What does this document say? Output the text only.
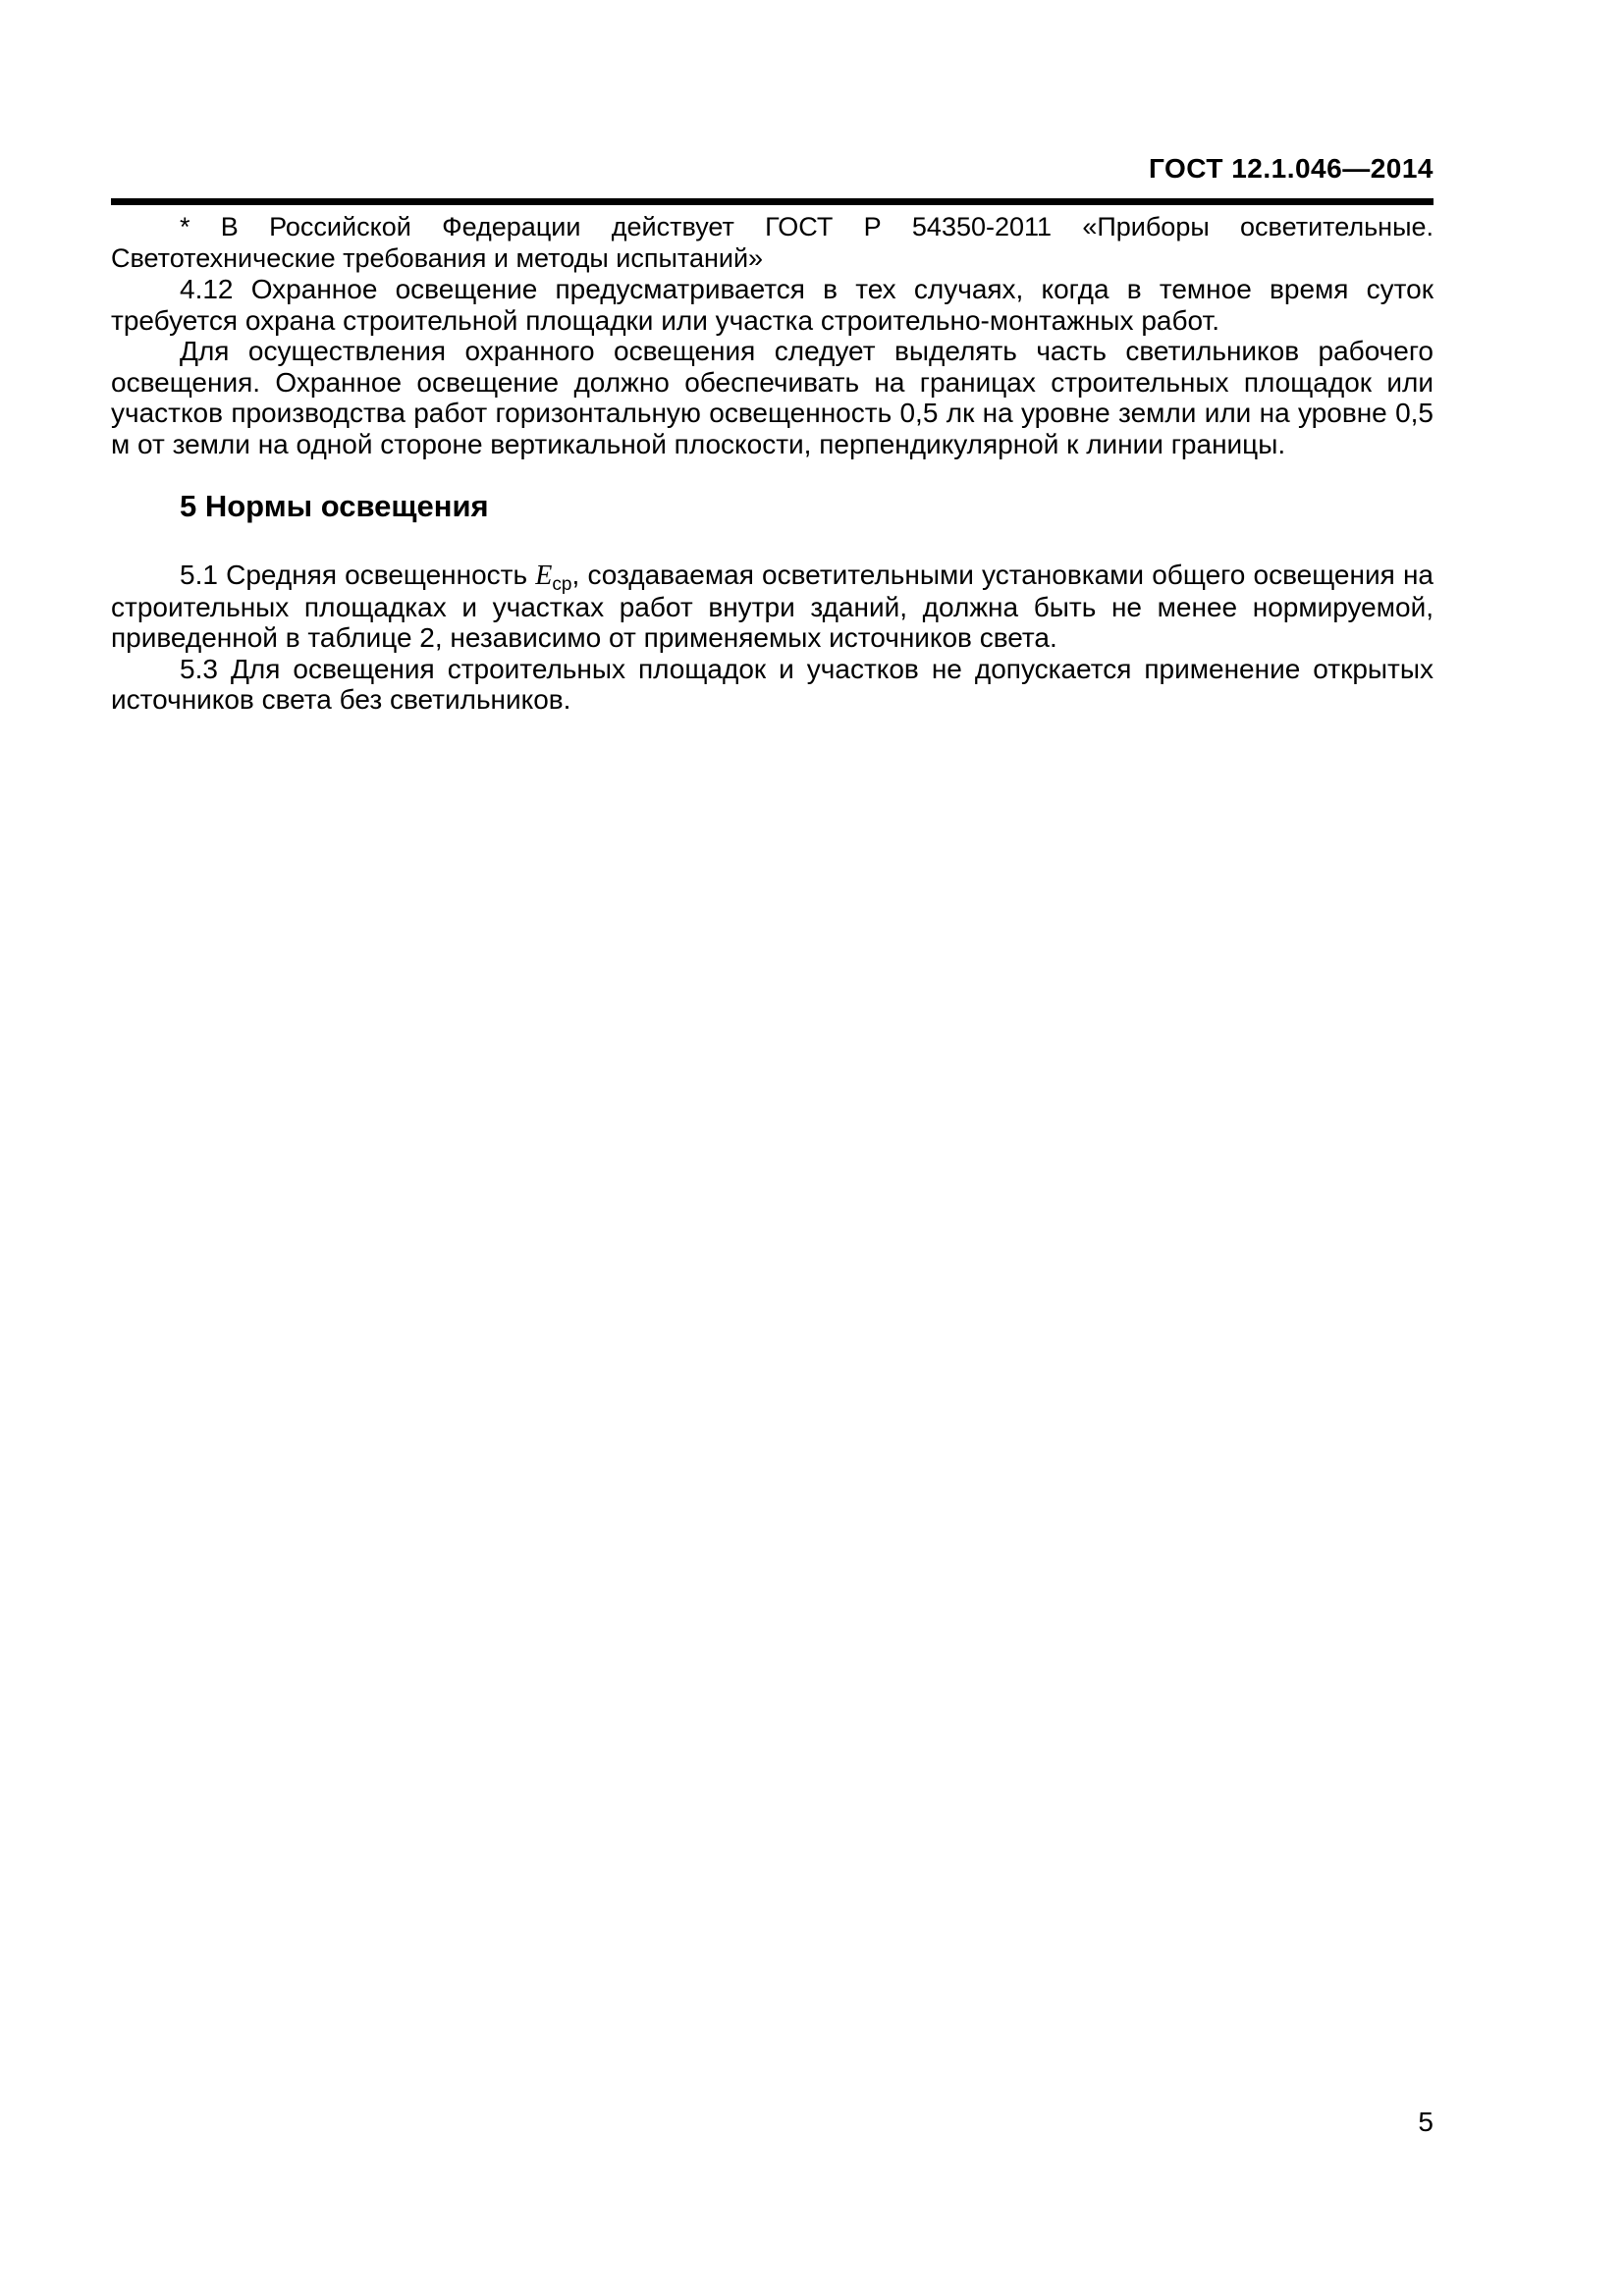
ГОСТ 12.1.046—2014

* В Российской Федерации действует ГОСТ Р 54350-2011 «Приборы осветительные. Светотехнические требования и методы испытаний»

4.12 Охранное освещение предусматривается в тех случаях, когда в темное время суток требуется охрана строительной площадки или участка строительно-монтажных работ.

Для осуществления охранного освещения следует выделять часть светильников рабочего освещения. Охранное освещение должно обеспечивать на границах строительных площадок или участков производства работ горизонтальную освещенность 0,5 лк на уровне земли или на уровне 0,5 м от земли на одной стороне вертикальной плоскости, перпендикулярной к линии границы.

5 Нормы освещения

5.1 Средняя освещенность $E_{ср}$, создаваемая осветительными установками общего освещения на строительных площадках и участках работ внутри зданий, должна быть не менее нормируемой, приведенной в таблице 2, независимо от применяемых источников света.

5.3 Для освещения строительных площадок и участков не допускается применение открытых источников света без светильников.

5
